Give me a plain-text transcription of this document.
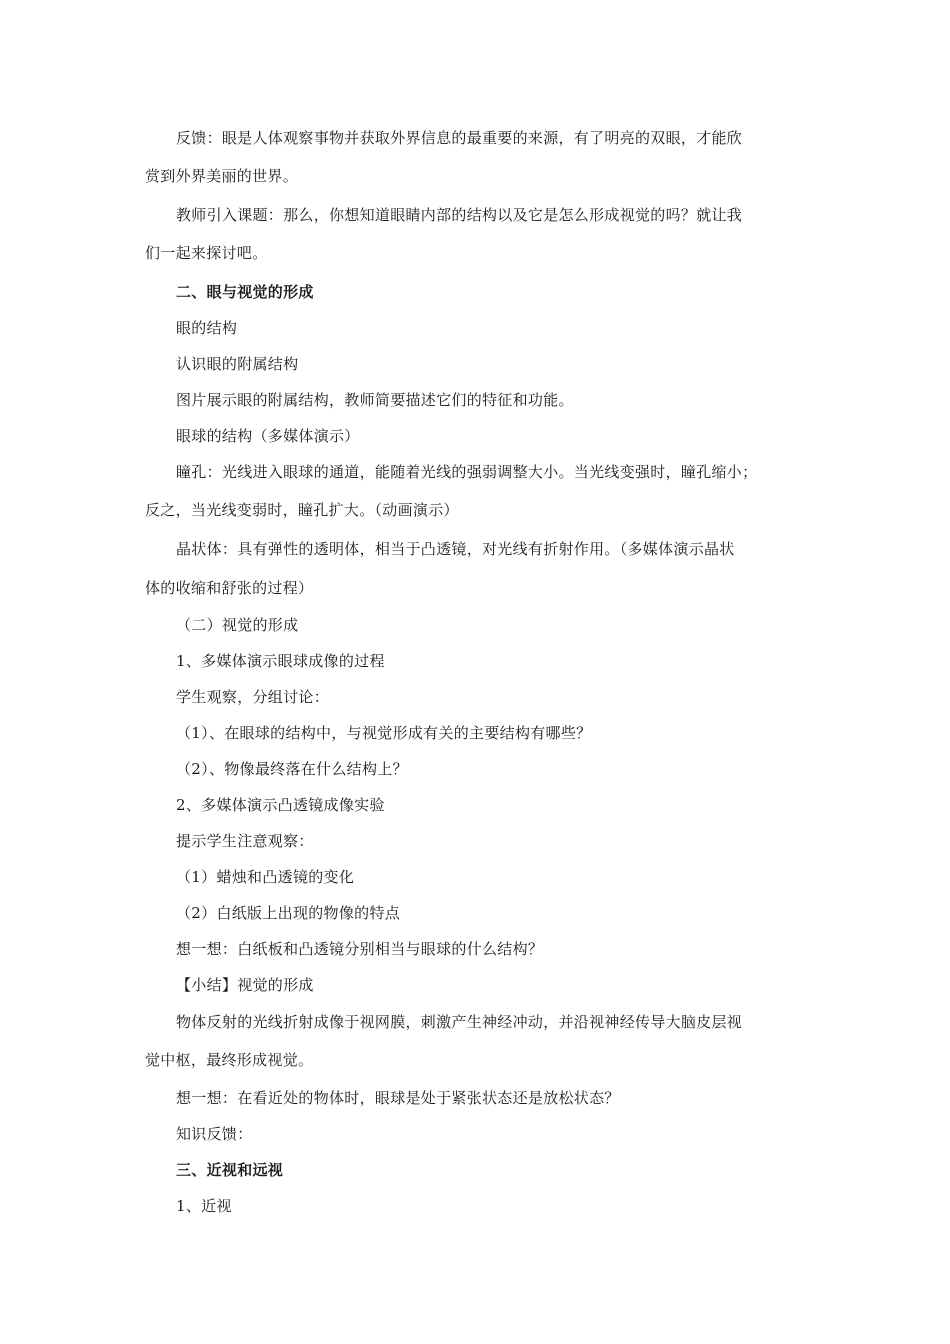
反馈：眼是人体观察事物并获取外界信息的最重要的来源，有了明亮的双眼，才能欣
赏到外界美丽的世界。
教师引入课题：那么，你想知道眼睛内部的结构以及它是怎么形成视觉的吗？就让我
们一起来探讨吧。
二、眼与视觉的形成
眼的结构
认识眼的附属结构
图片展示眼的附属结构，教师简要描述它们的特征和功能。
眼球的结构（多媒体演示）
瞳孔：光线进入眼球的通道，能随着光线的强弱调整大小。当光线变强时，瞳孔缩小；
反之，当光线变弱时，瞳孔扩大。（动画演示）
晶状体：具有弹性的透明体，相当于凸透镜，对光线有折射作用。（多媒体演示晶状
体的收缩和舒张的过程）
（二）视觉的形成
1、多媒体演示眼球成像的过程
学生观察，分组讨论：
（1）、在眼球的结构中，与视觉形成有关的主要结构有哪些？
（2）、物像最终落在什么结构上？
2、多媒体演示凸透镜成像实验
提示学生注意观察：
（1）蜡烛和凸透镜的变化
（2）白纸版上出现的物像的特点
想一想：白纸板和凸透镜分别相当与眼球的什么结构？
【小结】视觉的形成
物体反射的光线折射成像于视网膜，刺激产生神经冲动，并沿视神经传导大脑皮层视
觉中枢，最终形成视觉。
想一想：在看近处的物体时，眼球是处于紧张状态还是放松状态？
知识反馈：
三、近视和远视
1、近视
